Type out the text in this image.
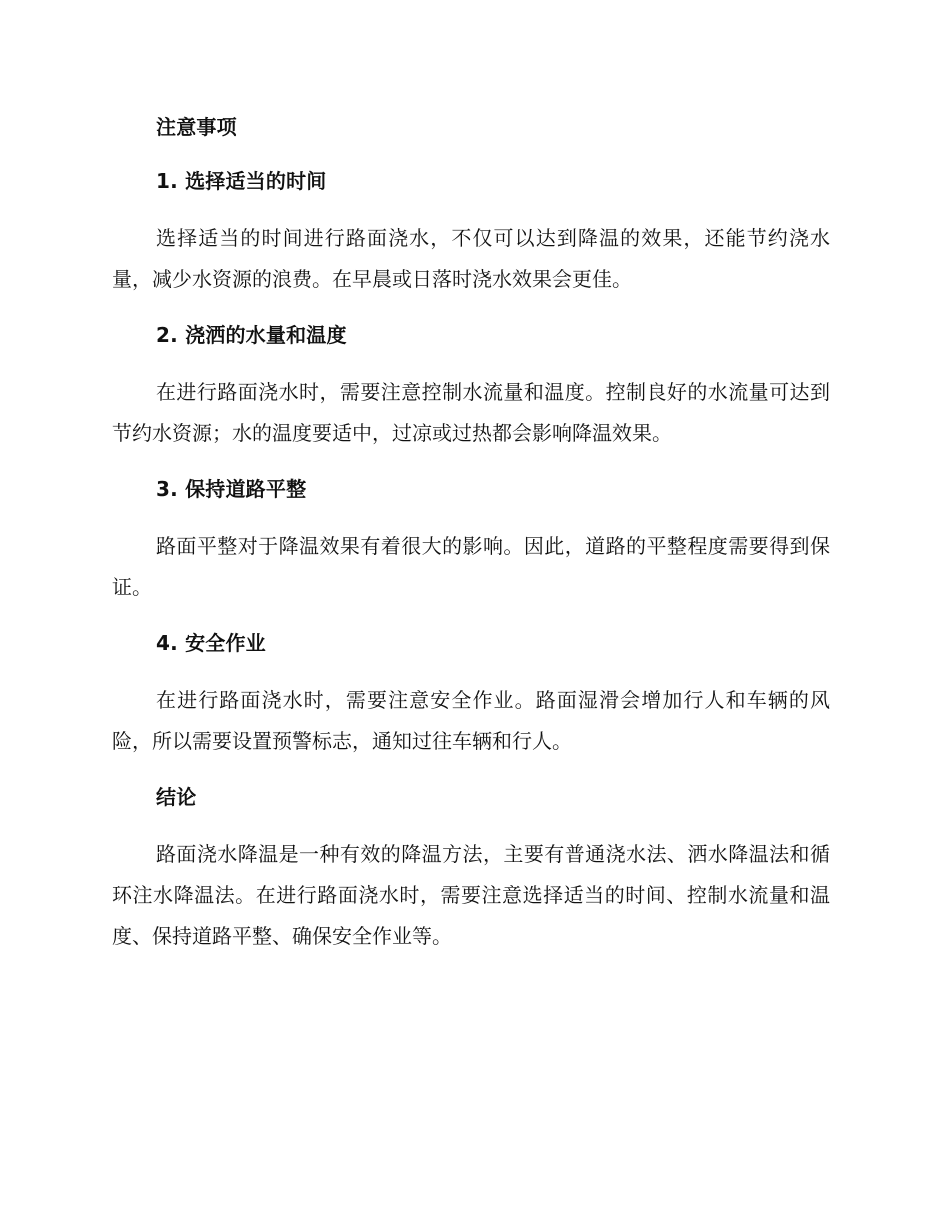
注意事项
1. 选择适当的时间

选择适当的时间进行路面浇水，不仅可以达到降温的效果，还能节约浇水量，减少水资源的浪费。在早晨或日落时浇水效果会更佳。

2. 浇洒的水量和温度

在进行路面浇水时，需要注意控制水流量和温度。控制良好的水流量可达到节约水资源；水的温度要适中，过凉或过热都会影响降温效果。

3. 保持道路平整

路面平整对于降温效果有着很大的影响。因此，道路的平整程度需要得到保证。

4. 安全作业

在进行路面浇水时，需要注意安全作业。路面湿滑会增加行人和车辆的风险，所以需要设置预警标志，通知过往车辆和行人。

结论

路面浇水降温是一种有效的降温方法，主要有普通浇水法、洒水降温法和循环注水降温法。在进行路面浇水时，需要注意选择适当的时间、控制水流量和温度、保持道路平整、确保安全作业等。
